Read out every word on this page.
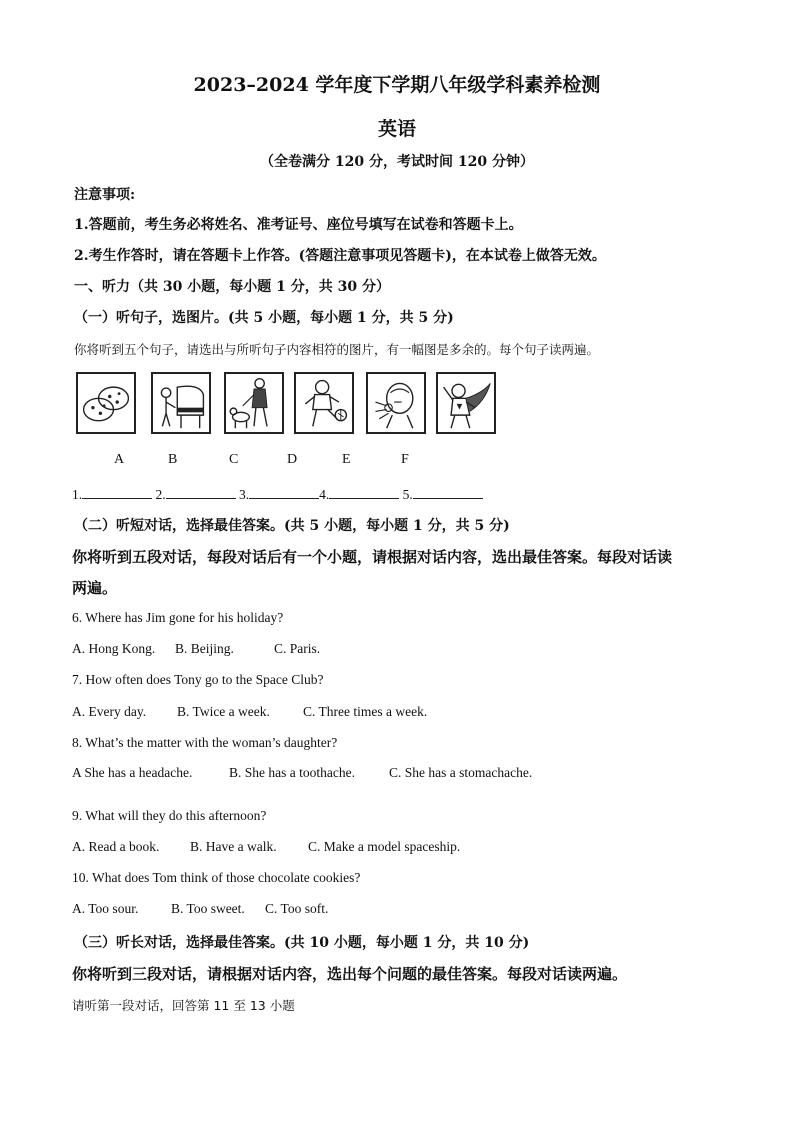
2023–2024 学年度下学期八年级学科素养检测
英语
（全卷满分 120 分，考试时间 120 分钟）
注意事项:
1.答题前，考生务必将姓名、准考证号、座位号填写在试卷和答题卡上。
2.考生作答时，请在答题卡上作答。(答题注意事项见答题卡)，在本试卷上做答无效。
一、听力（共 30 小题，每小题 1 分，共 30 分）
（一）听句子，选图片。(共 5 小题，每小题 1 分，共 5 分)
你将听到五个句子，请选出与所听句子内容相符的图片，有一幅图是多余的。每个句子读两遍。
A	B	C	D	E	F
1.	2.	3.	4.	5.
（二）听短对话，选择最佳答案。(共 5 小题，每小题 1 分，共 5 分)
你将听到五段对话，每段对话后有一个小题，请根据对话内容，选出最佳答案。每段对话读
两遍。
6. Where has Jim gone for his holiday?
A. Hong Kong. B. Beijing.	C. Paris.
7. How often does Tony go to the Space Club?
A. Every day. B. Twice a week. C. Three times a week.
8. What’s the matter with the woman’s daughter?
A She has a headache.	B. She has a toothache.	C. She has a stomachache.
9. What will they do this afternoon?
A. Read a book. B. Have a walk. C. Make a model spaceship.
10. What does Tom think of those chocolate cookies?
A. Too sour. B. Too sweet. C. Too soft.
（三）听长对话，选择最佳答案。(共 10 小题，每小题 1 分，共 10 分)
你将听到三段对话，请根据对话内容，选出每个问题的最佳答案。每段对话读两遍。
请听第一段对话，回答第 11 至 13 小题
